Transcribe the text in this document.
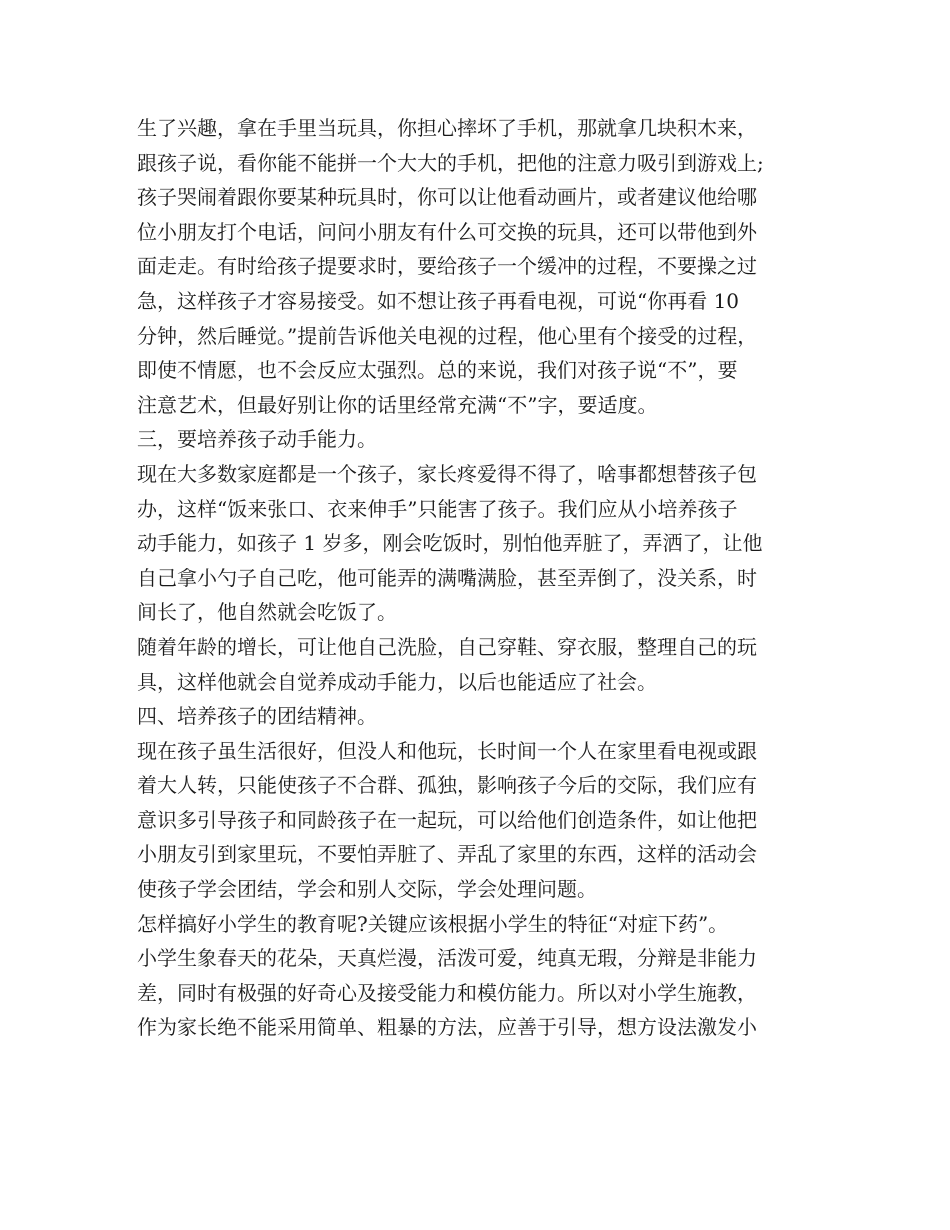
生了兴趣，拿在手里当玩具，你担心摔坏了手机，那就拿几块积木来，
跟孩子说，看你能不能拼一个大大的手机，把他的注意力吸引到游戏上;
孩子哭闹着跟你要某种玩具时，你可以让他看动画片，或者建议他给哪
位小朋友打个电话，问问小朋友有什么可交换的玩具，还可以带他到外
面走走。有时给孩子提要求时，要给孩子一个缓冲的过程，不要操之过
急，这样孩子才容易接受。如不想让孩子再看电视，可说“你再看 10
分钟，然后睡觉。”提前告诉他关电视的过程，他心里有个接受的过程，
即使不情愿，也不会反应太强烈。总的来说，我们对孩子说“不”，要
注意艺术，但最好别让你的话里经常充满“不”字，要适度。
三，要培养孩子动手能力。
现在大多数家庭都是一个孩子，家长疼爱得不得了，啥事都想替孩子包
办，这样“饭来张口、衣来伸手”只能害了孩子。我们应从小培养孩子
动手能力，如孩子 1 岁多，刚会吃饭时，别怕他弄脏了，弄洒了，让他
自己拿小勺子自己吃，他可能弄的满嘴满脸，甚至弄倒了，没关系，时
间长了，他自然就会吃饭了。
随着年龄的增长，可让他自己洗脸，自己穿鞋、穿衣服，整理自己的玩
具，这样他就会自觉养成动手能力，以后也能适应了社会。
四、培养孩子的团结精神。
现在孩子虽生活很好，但没人和他玩，长时间一个人在家里看电视或跟
着大人转，只能使孩子不合群、孤独，影响孩子今后的交际，我们应有
意识多引导孩子和同龄孩子在一起玩，可以给他们创造条件，如让他把
小朋友引到家里玩，不要怕弄脏了、弄乱了家里的东西，这样的活动会
使孩子学会团结，学会和别人交际，学会处理问题。
怎样搞好小学生的教育呢?关键应该根据小学生的特征“对症下药”。
小学生象春天的花朵，天真烂漫，活泼可爱，纯真无瑕，分辩是非能力
差，同时有极强的好奇心及接受能力和模仿能力。所以对小学生施教，
作为家长绝不能采用简单、粗暴的方法，应善于引导，想方设法激发小
